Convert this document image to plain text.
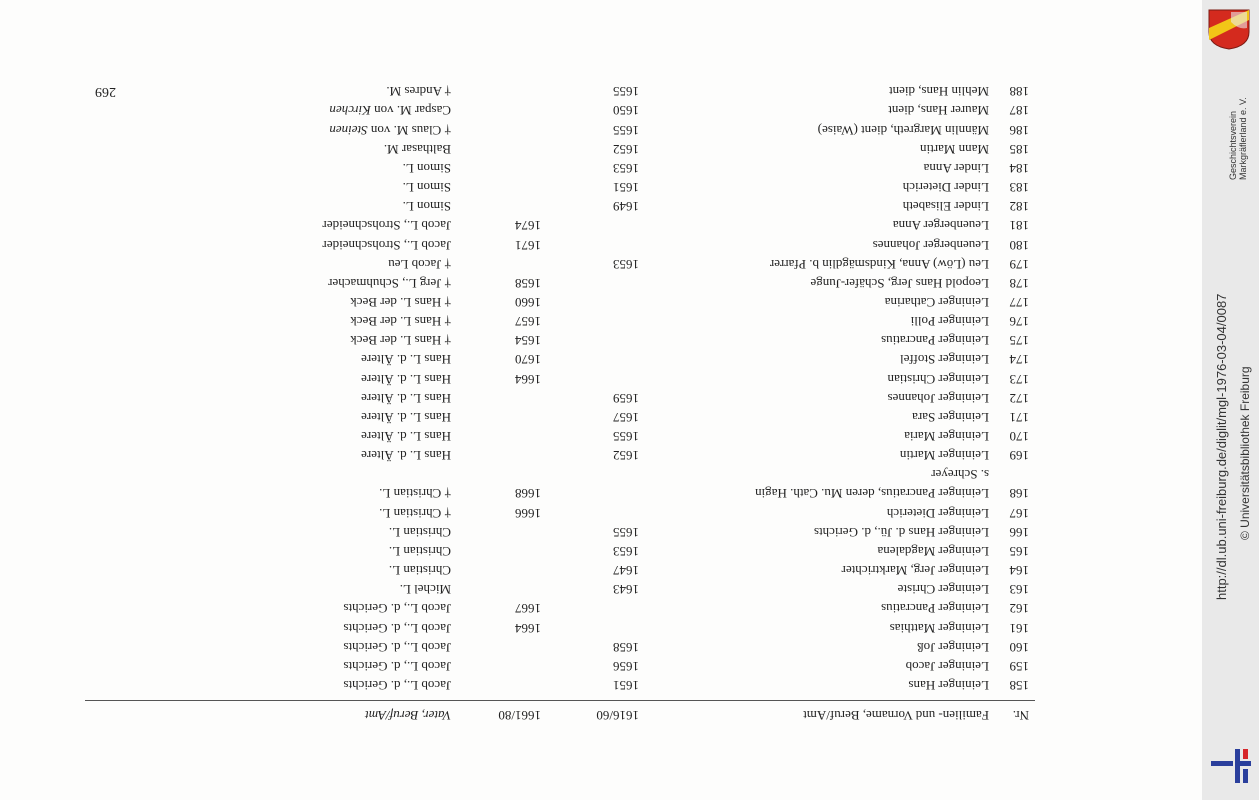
Nr.
Familien- und Vorname, Beruf/Amt
1616/60
1661/80
Vater, Beruf/Amt
158
Leininger Hans
1651
Jacob L., d. Gerichts
159
Leininger Jacob
1656
Jacob L., d. Gerichts
160
Leininger Joß
1658
Jacob L., d. Gerichts
161
Leininger Matthias
1664
Jacob L., d. Gerichts
162
Leininger Pancratius
1667
Jacob L., d. Gerichts
163
Leininger Christe
1643
Michel L.
164
Leininger Jerg, Marktrichter
1647
Christian L.
165
Leininger Magdalena
1653
Christian L.
166
Leininger Hans d. Jü., d. Gerichts
1655
Christian L.
167
Leininger Dieterich
1666
† Christian L.
168
Leininger Pancratius, deren Mu. Cath. Hagin
1668
† Christian L.
s. Schreyer
169
Leininger Martin
1652
Hans L. d. Ältere
170
Leininger Maria
1655
Hans L. d. Ältere
171
Leininger Sara
1657
Hans L. d. Ältere
172
Leininger Johannes
1659
Hans L. d. Ältere
173
Leininger Christian
1664
Hans L. d. Ältere
174
Leininger Stoffel
1670
Hans L. d. Ältere
175
Leininger Pancratius
1654
† Hans L. der Beck
176
Leininger Polli
1657
† Hans L. der Beck
177
Leininger Catharina
1660
† Hans L. der Beck
178
Leopold Hans Jerg, Schäfer-Junge
1658
† Jerg L., Schuhmacher
179
Leu (Löw) Anna, Kindsmägdlin b. Pfarrer
1653
† Jacob Leu
180
Leuenberger Johannes
1671
Jacob L., Strohschneider
181
Leuenberger Anna
1674
Jacob L., Strohschneider
182
Linder Elisabeth
1649
Simon L.
183
Linder Dieterich
1651
Simon L.
184
Linder Anna
1653
Simon L.
185
Mann Martin
1652
Balthasar M.
186
Männlin Margreth, dient (Waise)
1655
† Claus M. von Steinen
187
Maurer Hans, dient
1650
Caspar M. von Kirchen
188
Mehlin Hans, dient
1655
† Andres M.
269
Geschichtsverein Markgräflerland e. V.
http://dl.ub.uni-freiburg.de/diglit/mgl-1976-03-04/0087 © Universitätsbibliothek Freiburg
